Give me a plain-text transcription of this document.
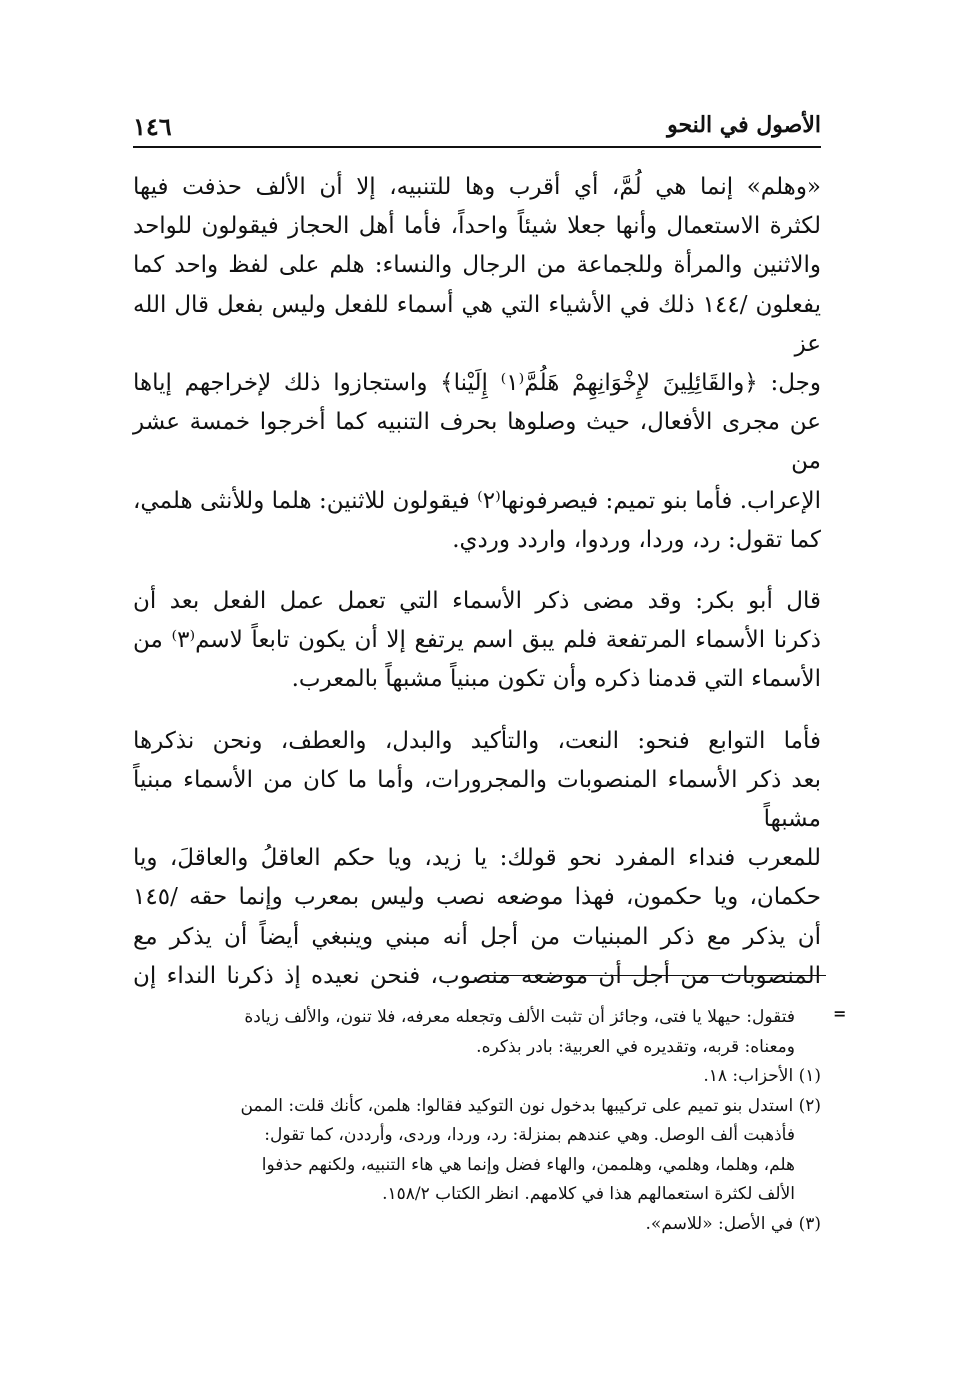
الأصول في النحو
١٤٦

«وهلم» إنما هي لُمَّ، أي أقرب وها للتنبيه، إلا أن الألف حذفت فيها
لكثرة الاستعمال وأنها جعلا شيئاً واحداً، فأما أهل الحجاز فيقولون للواحد
والاثنين والمرأة وللجماعة من الرجال والنساء: هلم على لفظ واحد كما
يفعلون /١٤٤ ذلك في الأشياء التي هي أسماء للفعل وليس بفعل قال الله عز
وجل: ﴿والقَائِلِينَ لإِخْوَانِهِمْ هَلُمَّ⁽١⁾ إِلَيْنا﴾ واستجازوا ذلك لإخراجهم إياها
عن مجرى الأفعال، حيث وصلوها بحرف التنبيه كما أخرجوا خمسة عشر من
الإعراب. فأما بنو تميم: فيصرفونها⁽٢⁾ فيقولون للاثنين: هلما وللأنثى هلمي،
كما تقول: رد، وردا، وردوا، واردد وردي.

قال أبو بكر: وقد مضى ذكر الأسماء التي تعمل عمل الفعل بعد أن
ذكرنا الأسماء المرتفعة فلم يبق اسم يرتفع إلا أن يكون تابعاً لاسم⁽٣⁾ من
الأسماء التي قدمنا ذكره وأن تكون مبنياً مشبهاً بالمعرب.

فأما التوابع فنحو: النعت، والتأكيد والبدل، والعطف، ونحن نذكرها
بعد ذكر الأسماء المنصوبات والمجرورات، وأما ما كان من الأسماء مبنياً مشبهاً
للمعرب فنداء المفرد نحو قولك: يا زيد، ويا حكم العاقلُ والعاقلَ، ويا
حكمان، ويا حكمون، فهذا موضعه نصب وليس بمعرب وإنما حقه /١٤٥
أن يذكر مع ذكر المبنيات من أجل أنه مبني وينبغي أيضاً أن يذكر مع
المنصوبات من أجل أن موضعه منصوب، فنحن نعيده إذ ذكرنا النداء إن

=
فتقول: حيهلا يا فتى، وجائز أن تثبت الألف وتجعله معرفه، فلا تنون، والألف زيادة
ومعناه: قربه، وتقديره في العربية: بادر بذكره.
(١) الأحزاب: ١٨.
(٢) استدل بنو تميم على تركيبها بدخول نون التوكيد فقالوا: هلمن، كأنك قلت: الممن
فأذهبت ألف الوصل. وهي عندهم بمنزلة: رد، وردا، وردى، وأرددن، كما تقول:
هلم، وهلما، وهلمي، وهلممن، والهاء فضل وإنما هي هاء التنبيه، ولكنهم حذفوا
الألف لكثرة استعمالهم هذا في كلامهم. انظر الكتاب ١٥٨/٢.
(٣) في الأصل: «للاسم».
